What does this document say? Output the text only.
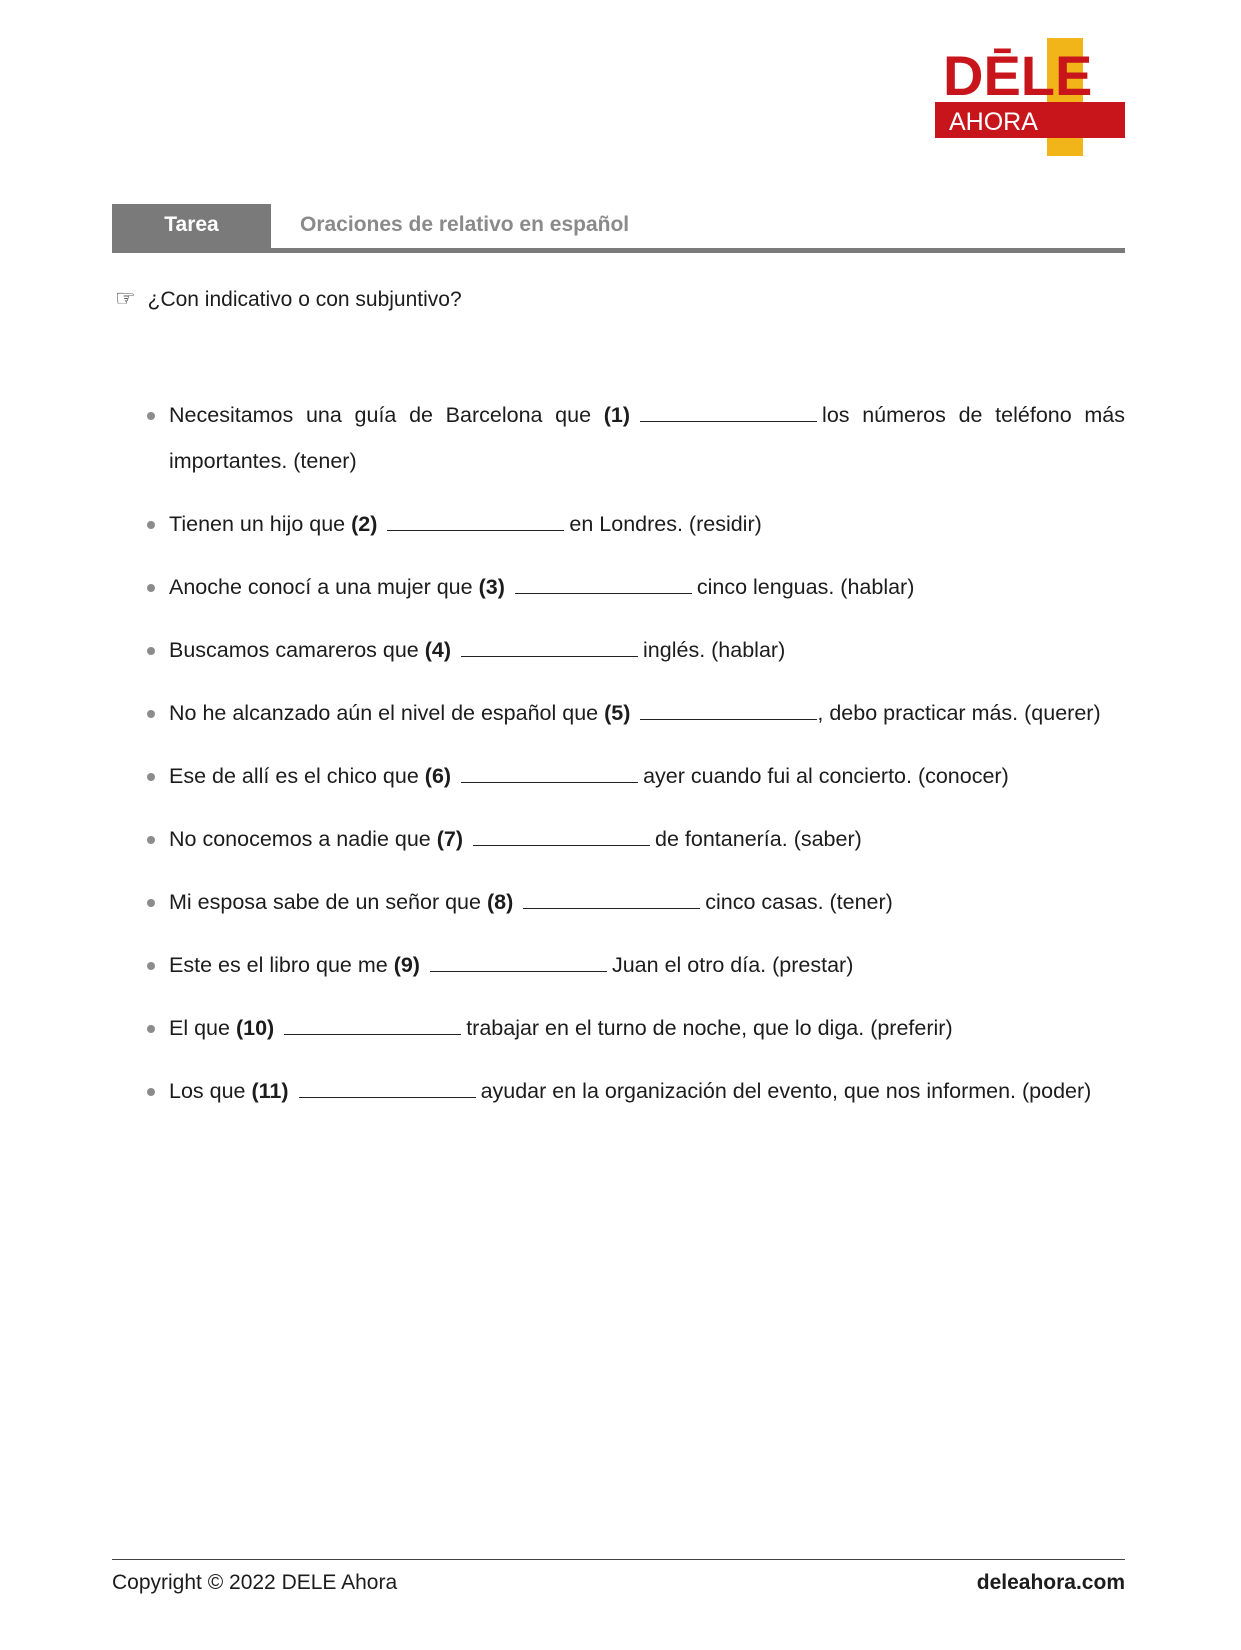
DĒLE
AHORA
Tarea	Oraciones de relativo en español
☞ ¿Con indicativo o con subjuntivo?
Necesitamos una guía de Barcelona que (1)	los números de teléfono más importantes. (tener)
Tienen un hijo que (2)	en Londres. (residir)
Anoche conocí a una mujer que (3)	cinco lenguas. (hablar)
Buscamos camareros que (4)	inglés. (hablar)
No he alcanzado aún el nivel de español que (5)	, debo practicar más. (querer)
Ese de allí es el chico que (6)	ayer cuando fui al concierto. (conocer)
No conocemos a nadie que (7)	de fontanería. (saber)
Mi esposa sabe de un señor que (8)	cinco casas. (tener)
Este es el libro que me (9)	Juan el otro día. (prestar)
El que (10)	trabajar en el turno de noche, que lo diga. (preferir)
Los que (11)	ayudar en la organización del evento, que nos informen. (poder)
Copyright © 2022 DELE Ahora	deleahora.com
